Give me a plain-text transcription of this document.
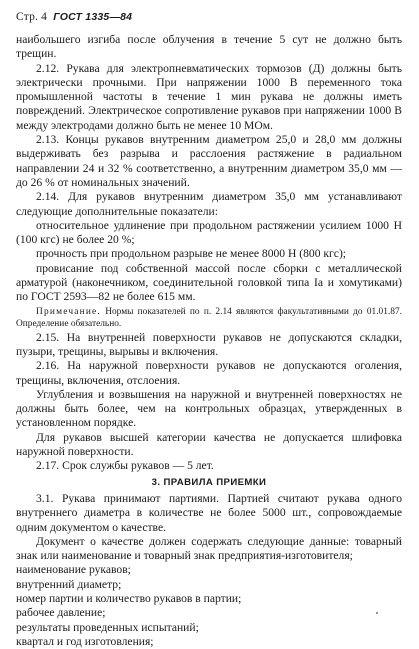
Стр. 4 ГОСТ 1335—84

наибольшего изгиба после облучения в течение 5 сут не должно быть трещин.

2.12. Рукава для электропневматических тормозов (Д) должны быть электрически прочными. При напряжении 1000 В переменного тока промышленной частоты в течение 1 мин рукава не должны иметь повреждений. Электрическое сопротивление рукавов при напряжении 1000 В между электродами должно быть не менее 10 МОм.

2.13. Концы рукавов внутренним диаметром 25,0 и 28,0 мм должны выдерживать без разрыва и расслоения растяжение в радиальном направлении 24 и 32 % соответственно, а внутренним диаметром 35,0 мм — до 26 % от номинальных значений.

2.14. Для рукавов внутренним диаметром 35,0 мм устанавливают следующие дополнительные показатели:

относительное удлинение при продольном растяжении усилием 1000 Н (100 кгс) не более 20 %;

прочность при продольном разрыве не менее 8000 Н (800 кгс);

провисание под собственной массой после сборки с металлической арматурой (наконечником, соединительной головкой типа Iа и хомутиками) по ГОСТ 2593—82 не более 615 мм.

Примечание. Нормы показателей по п. 2.14 являются факультативными до 01.01.87. Определение обязательно.

2.15. На внутренней поверхности рукавов не допускаются складки, пузыри, трещины, вырывы и включения.

2.16. На наружной поверхности рукавов не допускаются оголения, трещины, включения, отслоения.

Углубления и возвышения на наружной и внутренней поверхностях не должны быть более, чем на контрольных образцах, утвержденных в установленном порядке.

Для рукавов высшей категории качества не допускается шлифовка наружной поверхности.

2.17. Срок службы рукавов — 5 лет.

3. ПРАВИЛА ПРИЕМКИ

3.1. Рукава принимают партиями. Партией считают рукава одного внутреннего диаметра в количестве не более 5000 шт., сопровождаемые одним документом о качестве.

Документ о качестве должен содержать следующие данные: товарный знак или наименование и товарный знак предприятия-изготовителя;

наименование рукавов;

внутренний диаметр;

номер партии и количество рукавов в партии;

рабочее давление;

результаты проведенных испытаний;

квартал и год изготовления;
